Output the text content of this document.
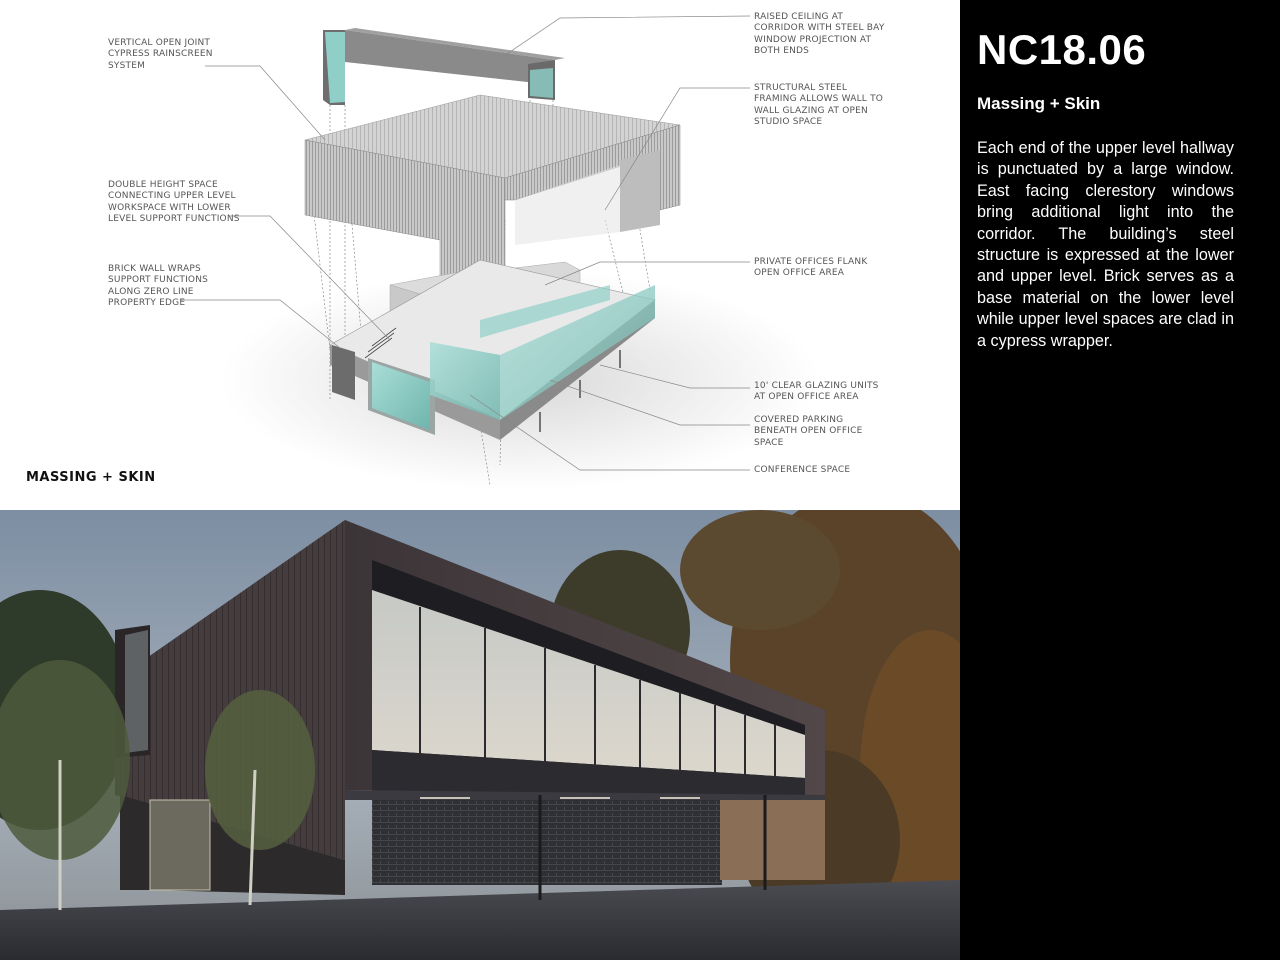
VERTICAL OPEN JOINT
CYPRESS RAINSCREEN
SYSTEM

RAISED CEILING AT
CORRIDOR WITH STEEL BAY
WINDOW PROJECTION AT
BOTH ENDS

STRUCTURAL STEEL
FRAMING ALLOWS WALL TO
WALL GLAZING AT OPEN
STUDIO SPACE

DOUBLE HEIGHT SPACE
CONNECTING UPPER LEVEL
WORKSPACE WITH LOWER
LEVEL SUPPORT FUNCTIONS

BRICK WALL WRAPS
SUPPORT FUNCTIONS
ALONG ZERO LINE
PROPERTY EDGE

PRIVATE OFFICES FLANK
OPEN OFFICE AREA

10' CLEAR GLAZING UNITS
AT OPEN OFFICE AREA

COVERED PARKING
BENEATH OPEN OFFICE
SPACE

CONFERENCE SPACE

MASSING + SKIN

NC18.06
Massing + Skin

Each end of the upper level hallway is punctuated by a large window. East facing clerestory windows bring additional light into the corridor. The building’s steel structure is expressed at the lower and upper level. Brick serves as a base material on the lower level while upper level spaces are clad in a cypress wrapper.
